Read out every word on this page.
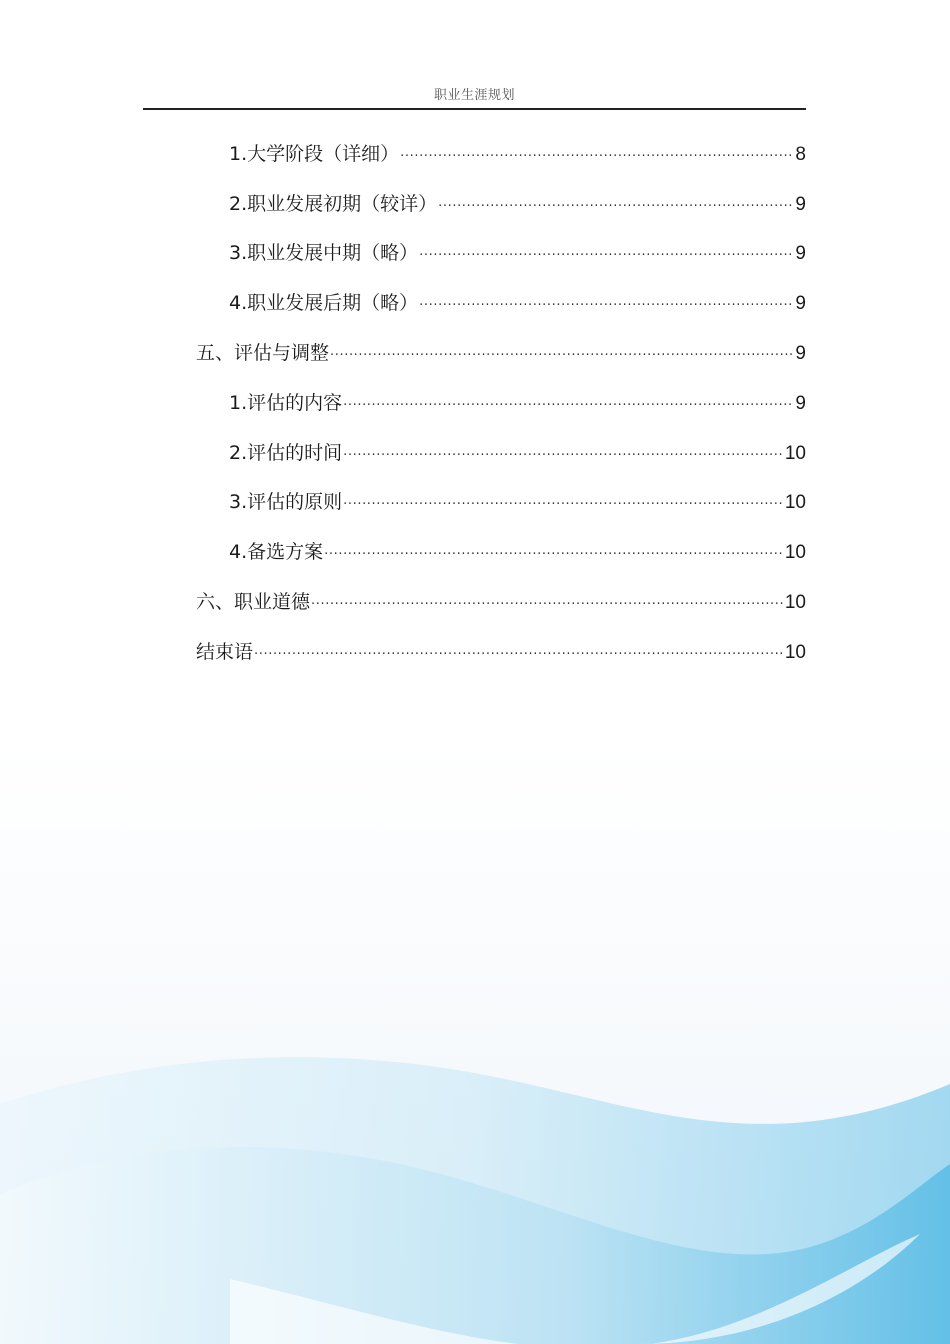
职业生涯规划
1.大学阶段（详细） .....	8
2.职业发展初期（较详） .....	9
3.职业发展中期（略） .....	9
4.职业发展后期（略） .....	9
五、评估与调整 .....	9
1.评估的内容 .....	9
2.评估的时间 .....	10
3.评估的原则 .....	10
4.备选方案 .....	10
六、职业道德 .....	10
结束语 .....	10
